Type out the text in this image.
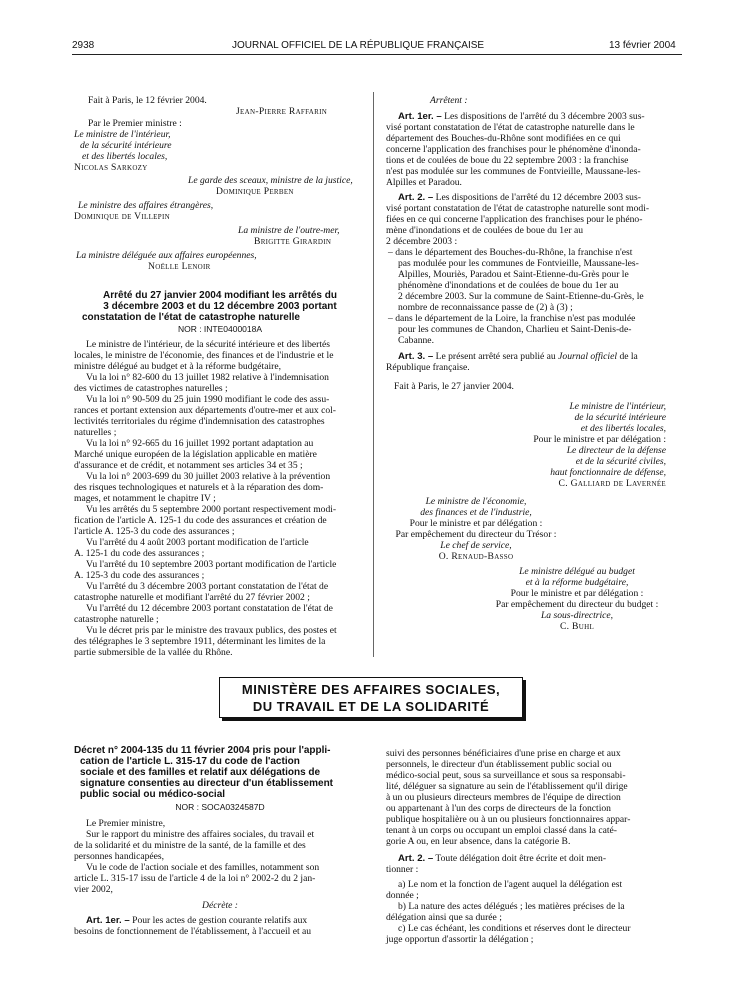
2938	JOURNAL OFFICIEL DE LA RÉPUBLIQUE FRANÇAISE	13 février 2004
Fait à Paris, le 12 février 2004.
Jean-Pierre Raffarin
Par le Premier ministre :
Le ministre de l'intérieur,
de la sécurité intérieure
et des libertés locales,
Nicolas Sarkozy
Le garde des sceaux, ministre de la justice,
Dominique Perben
Le ministre des affaires étrangères,
Dominique de Villepin
La ministre de l'outre-mer,
Brigitte Girardin
La ministre déléguée aux affaires européennes,
Noëlle Lenoir
Arrêté du 27 janvier 2004 modifiant les arrêtés du
3 décembre 2003 et du 12 décembre 2003 portant
constatation de l'état de catastrophe naturelle
NOR : INTE0400018A
Le ministre de l'intérieur, de la sécurité intérieure et des libertés
locales, le ministre de l'économie, des finances et de l'industrie et le
ministre délégué au budget et à la réforme budgétaire,
Vu la loi n° 82-600 du 13 juillet 1982 relative à l'indemnisation
des victimes de catastrophes naturelles ;
Vu la loi n° 90-509 du 25 juin 1990 modifiant le code des assu-
rances et portant extension aux départements d'outre-mer et aux col-
lectivités territoriales du régime d'indemnisation des catastrophes
naturelles ;
Vu la loi n° 92-665 du 16 juillet 1992 portant adaptation au
Marché unique européen de la législation applicable en matière
d'assurance et de crédit, et notamment ses articles 34 et 35 ;
Vu la loi n° 2003-699 du 30 juillet 2003 relative à la prévention
des risques technologiques et naturels et à la réparation des dom-
mages, et notamment le chapitre IV ;
Vu les arrêtés du 5 septembre 2000 portant respectivement modi-
fication de l'article A. 125-1 du code des assurances et création de
l'article A. 125-3 du code des assurances ;
Vu l'arrêté du 4 août 2003 portant modification de l'article
A. 125-1 du code des assurances ;
Vu l'arrêté du 10 septembre 2003 portant modification de l'article
A. 125-3 du code des assurances ;
Vu l'arrêté du 3 décembre 2003 portant constatation de l'état de
catastrophe naturelle et modifiant l'arrêté du 27 février 2002 ;
Vu l'arrêté du 12 décembre 2003 portant constatation de l'état de
catastrophe naturelle ;
Vu le décret pris par le ministre des travaux publics, des postes et
des télégraphes le 3 septembre 1911, déterminant les limites de la
partie submersible de la vallée du Rhône.
Arrêtent :
Art. 1er. – Les dispositions de l'arrêté du 3 décembre 2003 sus-
visé portant constatation de l'état de catastrophe naturelle dans le
département des Bouches-du-Rhône sont modifiées en ce qui
concerne l'application des franchises pour le phénomène d'inonda-
tions et de coulées de boue du 22 septembre 2003 : la franchise
n'est pas modulée sur les communes de Fontvieille, Maussane-les-
Alpilles et Paradou.
Art. 2. – Les dispositions de l'arrêté du 12 décembre 2003 sus-
visé portant constatation de l'état de catastrophe naturelle sont modi-
fiées en ce qui concerne l'application des franchises pour le phéno-
mène d'inondations et de coulées de boue du 1er au
2 décembre 2003 :
– dans le département des Bouches-du-Rhône, la franchise n'est
pas modulée pour les communes de Fontvieille, Maussane-les-
Alpilles, Mouriès, Paradou et Saint-Etienne-du-Grès pour le
phénomène d'inondations et de coulées de boue du 1er au
2 décembre 2003. Sur la commune de Saint-Etienne-du-Grès, le
nombre de reconnaissance passe de (2) à (3) ;
– dans le département de la Loire, la franchise n'est pas modulée
pour les communes de Chandon, Charlieu et Saint-Denis-de-
Cabanne.

Art. 3. – Le présent arrêté sera publié au Journal officiel de la

République française.
Fait à Paris, le 27 janvier 2004.
Le ministre de l'intérieur,
de la sécurité intérieure
et des libertés locales,
Pour le ministre et par délégation :
Le directeur de la défense
et de la sécurité civiles,
haut fonctionnaire de défense,
C. Galliard de Lavernée
Le ministre de l'économie,
des finances et de l'industrie,
Pour le ministre et par délégation :
Par empêchement du directeur du Trésor :
Le chef de service,
O. Renaud-Basso
Le ministre délégué au budget
et à la réforme budgétaire,
Pour le ministre et par délégation :
Par empêchement du directeur du budget :
La sous-directrice,
C. Buhl
MINISTÈRE DES AFFAIRES SOCIALES,
DU TRAVAIL ET DE LA SOLIDARITÉ
Décret n° 2004-135 du 11 février 2004 pris pour l'appli-
cation de l'article L. 315-17 du code de l'action
sociale et des familles et relatif aux délégations de
signature consenties au directeur d'un établissement
public social ou médico-social
NOR : SOCA0324587D

Le Premier ministre,

Sur le rapport du ministre des affaires sociales, du travail et
de la solidarité et du ministre de la santé, de la famille et des
personnes handicapées,
Vu le code de l'action sociale et des familles, notamment son
article L. 315-17 issu de l'article 4 de la loi n° 2002-2 du 2 jan-
vier 2002,

Décrète :

Art. 1er. – Pour les actes de gestion courante relatifs aux
besoins de fonctionnement de l'établissement, à l'accueil et au
suivi des personnes bénéficiaires d'une prise en charge et aux
personnels, le directeur d'un établissement public social ou
médico-social peut, sous sa surveillance et sous sa responsabi-
lité, déléguer sa signature au sein de l'établissement qu'il dirige
à un ou plusieurs directeurs membres de l'équipe de direction
ou appartenant à l'un des corps de directeurs de la fonction
publique hospitalière ou à un ou plusieurs fonctionnaires appar-
tenant à un corps ou occupant un emploi classé dans la caté-
gorie A ou, en leur absence, dans la catégorie B.
Art. 2. – Toute délégation doit être écrite et doit men-
tionner :

a) Le nom et la fonction de l'agent auquel la délégation est

donnée ;

b) La nature des actes délégués ; les matières précises de la

délégation ainsi que sa durée ;

c) Le cas échéant, les conditions et réserves dont le directeur

juge opportun d'assortir la délégation ;
